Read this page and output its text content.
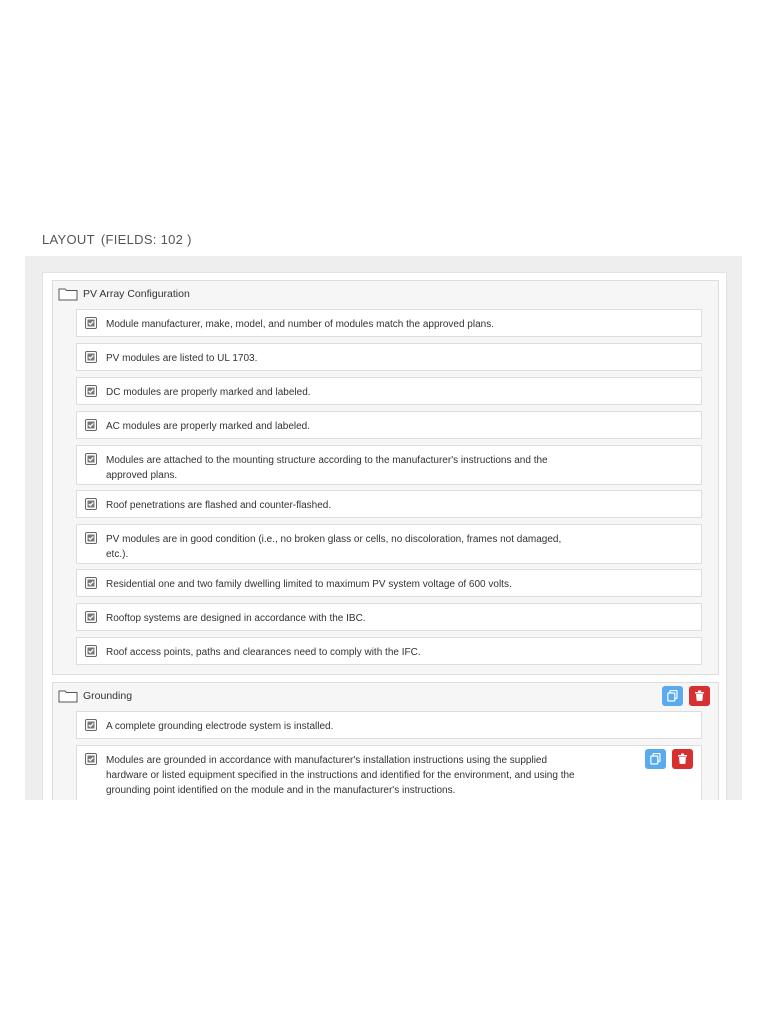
LAYOUT (FIELDS: 102 )
PV Array Configuration
Module manufacturer, make, model, and number of modules match the approved plans.
PV modules are listed to UL 1703.
DC modules are properly marked and labeled.
AC modules are properly marked and labeled.
Modules are attached to the mounting structure according to the manufacturer's instructions and the approved plans.
Roof penetrations are flashed and counter-flashed.
PV modules are in good condition (i.e., no broken glass or cells, no discoloration, frames not damaged, etc.).
Residential one and two family dwelling limited to maximum PV system voltage of 600 volts.
Rooftop systems are designed in accordance with the IBC.
Roof access points, paths and clearances need to comply with the IFC.
Grounding
A complete grounding electrode system is installed.
Modules are grounded in accordance with manufacturer's installation instructions using the supplied hardware or listed equipment specified in the instructions and identified for the environment, and using the grounding point identified on the module and in the manufacturer's instructions.
